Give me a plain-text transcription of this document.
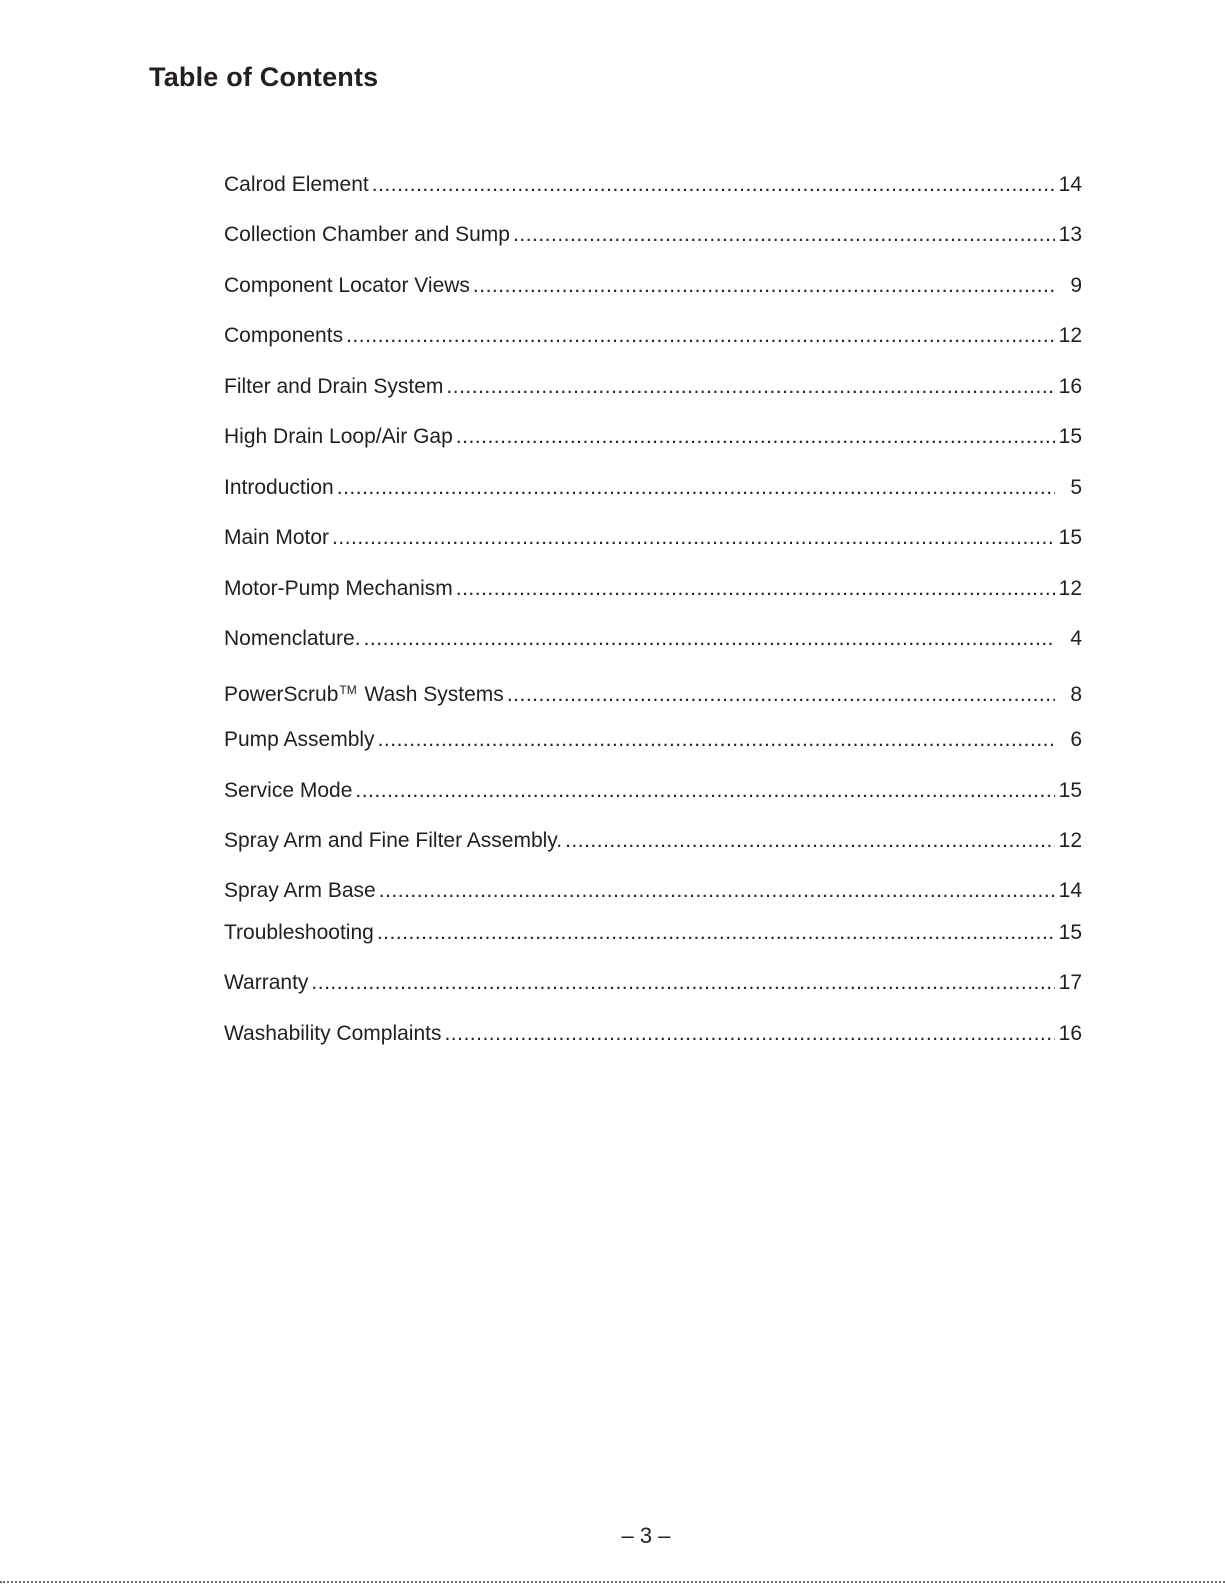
Table of Contents
Calrod Element .....	14
Collection Chamber and Sump .....	13
Component Locator Views .....	9
Components .....	12
Filter and Drain System .....	16
High Drain Loop/Air Gap .....	15
Introduction .....	5
Main Motor .....	15
Motor-Pump Mechanism .....	12
Nomenclature. .....	4
PowerScrub™ Wash Systems .....	8
Pump Assembly .....	6
Service Mode .....	15
Spray Arm and Fine Filter Assembly. .....	12
Spray Arm Base .....	14
Troubleshooting .....	15
Warranty .....	17
Washability Complaints .....	16

– 3 –
